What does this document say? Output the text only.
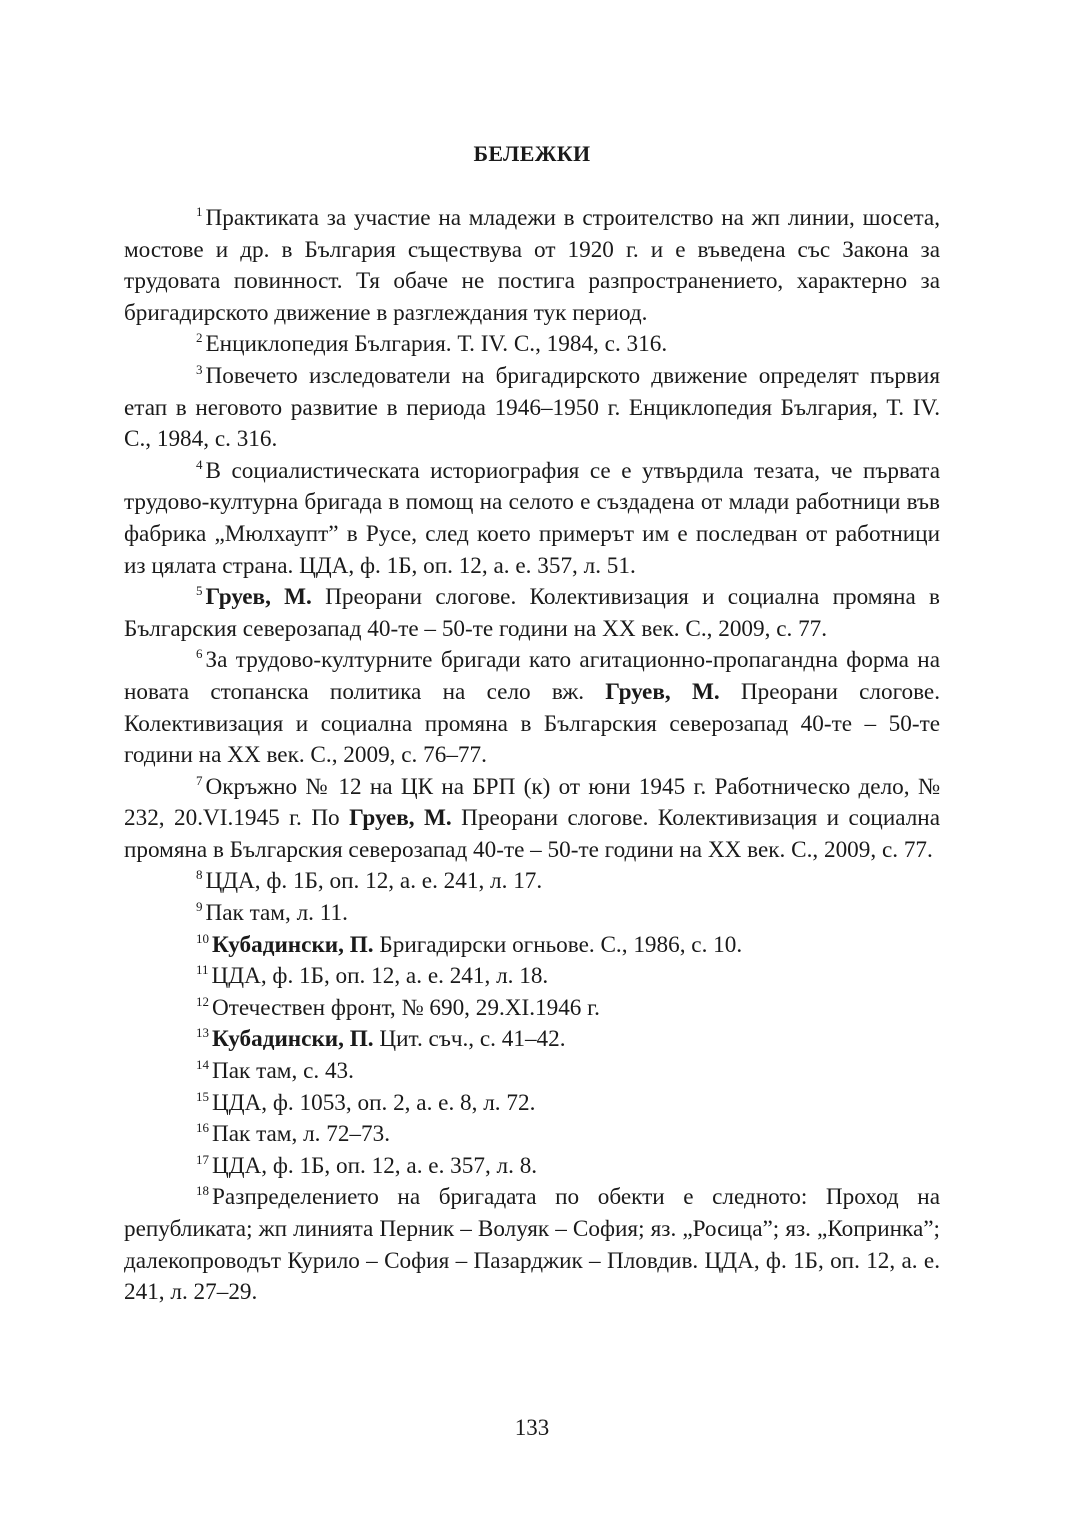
БЕЛЕЖКИ

$^1$ Практиката за участие на младежи в строителство на жп линии, шосета, мостове и др. в България съществува от 1920 г. и е въведена със Закона за трудовата повинност. Тя обаче не постига разпространението, характерно за бригадирското движение в разглеждания тук период.

$^2$ Енциклопедия България. Т. IV. С., 1984, с. 316.

$^3$ Повечето изследователи на бригадирското движение определят първия етап в неговото развитие в периода 1946–1950 г. Енциклопедия България, Т. IV. С., 1984, с. 316.

$^4$ В социалистическата историография се е утвърдила тезата, че първата трудово-културна бригада в помощ на селото е създадена от млади работници във фабрика „Мюлхаупт” в Русе, след което примерът им е последван от работници из цялата страна. ЦДА, ф. 1Б, оп. 12, а. е. 357, л. 51.

$^5$ Груев, М. Преорани слогове. Колективизация и социална промяна в Българския северозапад 40-те – 50-те години на XX век. С., 2009, с. 77.

$^6$ За трудово-културните бригади като агитационно-пропагандна форма на новата стопанска политика на село вж. Груев, М. Преорани слогове. Колективизация и социална промяна в Българския северозапад 40-те – 50-те години на XX век. С., 2009, с. 76–77.

$^7$ Окръжно № 12 на ЦК на БРП (к) от юни 1945 г. Работническо дело, № 232, 20.VI.1945 г. По Груев, М. Преорани слогове. Колективизация и социална промяна в Българския северозапад 40-те – 50-те години на XX век. С., 2009, с. 77.

$^8$ ЦДА, ф. 1Б, оп. 12, а. е. 241, л. 17.

$^9$ Пак там, л. 11.

$^{10}$ Кубадински, П. Бригадирски огньове. С., 1986, с. 10.

$^{11}$ ЦДА, ф. 1Б, оп. 12, а. е. 241, л. 18.

$^{12}$ Отечествен фронт, № 690, 29.XI.1946 г.

$^{13}$ Кубадински, П. Цит. съч., с. 41–42.

$^{14}$ Пак там, с. 43.

$^{15}$ ЦДА, ф. 1053, оп. 2, а. е. 8, л. 72.

$^{16}$ Пак там, л. 72–73.

$^{17}$ ЦДА, ф. 1Б, оп. 12, а. е. 357, л. 8.

$^{18}$ Разпределението на бригадата по обекти е следното: Проход на републиката; жп линията Перник – Волуяк – София; яз. „Росица”; яз. „Копринка”; далекопроводът Курило – София – Пазарджик – Пловдив. ЦДА, ф. 1Б, оп. 12, а. е. 241, л. 27–29.

133
